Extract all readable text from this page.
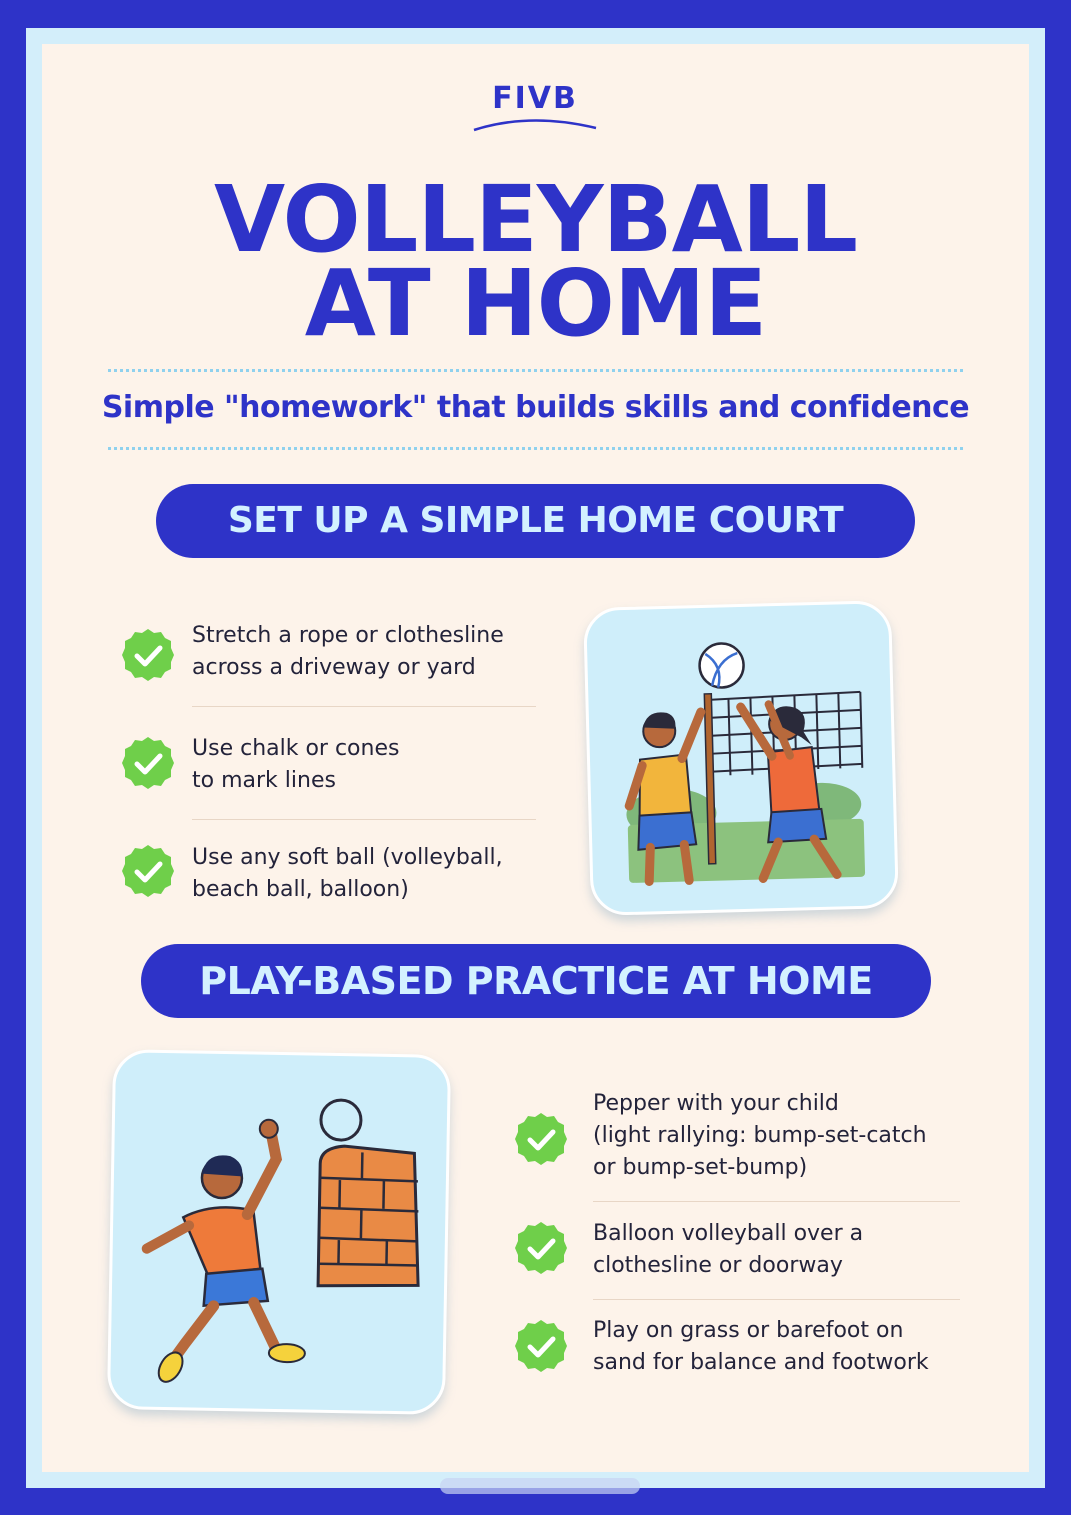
FIVB
VOLLEYBALL
AT HOME
Simple "homework" that builds skills and confidence
SET UP A SIMPLE HOME COURT
Stretch a rope or clothesline
across a driveway or yard
Use chalk or cones
to mark lines
Use any soft ball (volleyball,
beach ball, balloon)
PLAY-BASED PRACTICE AT HOME
Pepper with your child
(light rallying: bump-set-catch
or bump-set-bump)
Balloon volleyball over a
clothesline or doorway
Play on grass or barefoot on
sand for balance and footwork
